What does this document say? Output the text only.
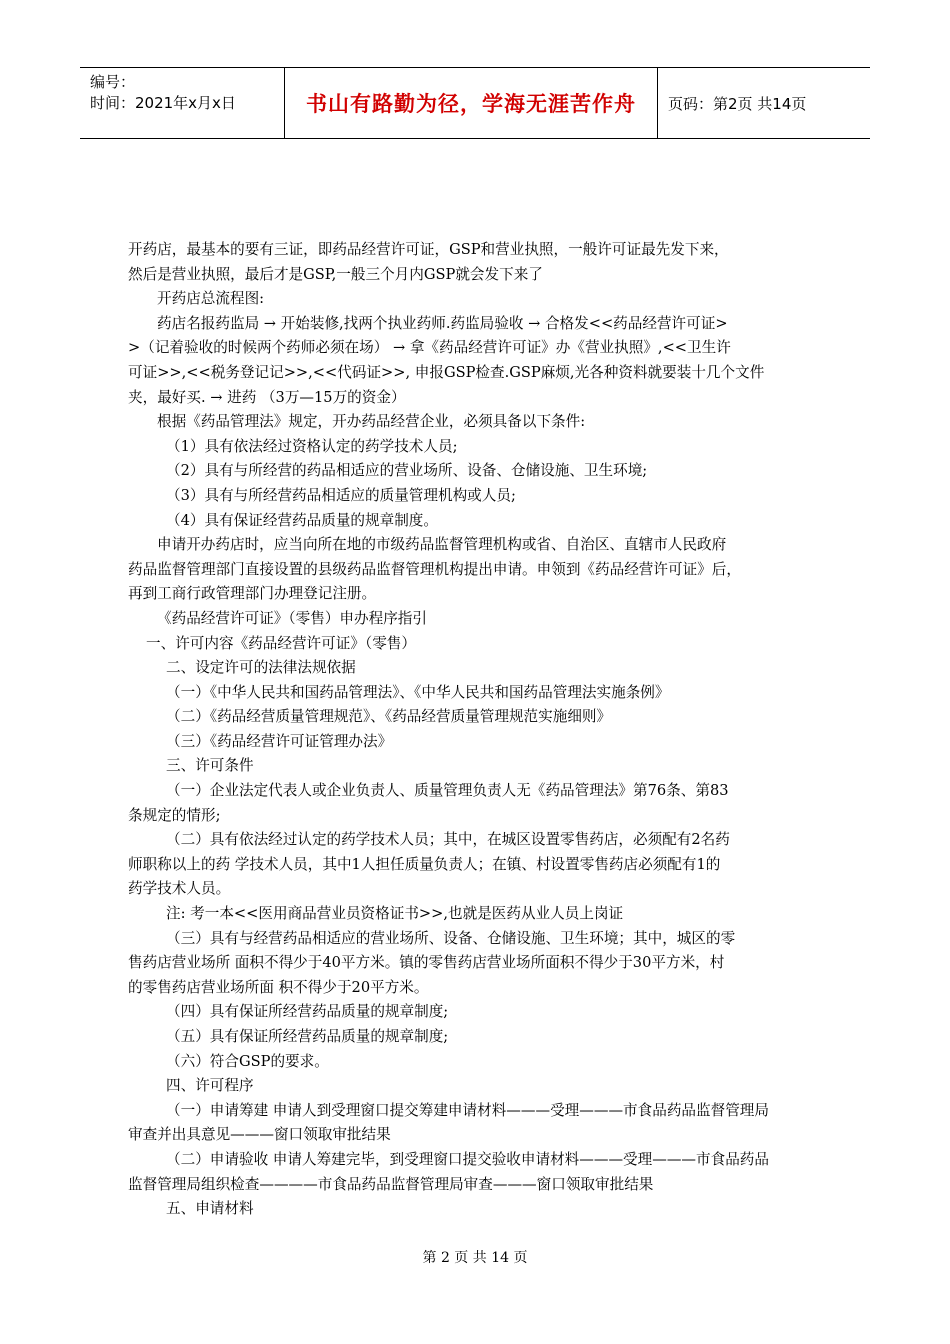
编号：
时间：2021年x月x日	书山有路勤为径，学海无涯苦作舟	页码：第2页 共14页

开药店，最基本的要有三证，即药品经营许可证，GSP和营业执照，一般许可证最先发下来，

然后是营业执照，最后才是GSP,一般三个月内GSP就会发下来了

开药店总流程图:

药店名报药监局 → 开始装修,找两个执业药师.药监局验收 → 合格发<<药品经营许可证>

>（记着验收的时候两个药师必须在场） → 拿《药品经营许可证》办《营业执照》,<<卫生许

可证>>,<<税务登记记>>,<<代码证>>, 申报GSP检查.GSP麻烦,光各种资料就要装十几个文件

夹，最好买. → 进药 （3万—15万的资金）

根据《药品管理法》规定，开办药品经营企业，必须具备以下条件:

（1）具有依法经过资格认定的药学技术人员;

（2）具有与所经营的药品相适应的营业场所、设备、仓储设施、卫生环境;

（3）具有与所经营药品相适应的质量管理机构或人员;

（4）具有保证经营药品质量的规章制度。

申请开办药店时，应当向所在地的市级药品监督管理机构或省、自治区、直辖市人民政府

药品监督管理部门直接设置的县级药品监督管理机构提出申请。申领到《药品经营许可证》后，

再到工商行政管理部门办理登记注册。

《药品经营许可证》（零售）申办程序指引

一、许可内容《药品经营许可证》（零售）

二、设定许可的法律法规依据

（一）《中华人民共和国药品管理法》、《中华人民共和国药品管理法实施条例》

（二）《药品经营质量管理规范》、《药品经营质量管理规范实施细则》

（三）《药品经营许可证管理办法》

三、许可条件

（一）企业法定代表人或企业负责人、质量管理负责人无《药品管理法》第76条、第83

条规定的情形;

（二）具有依法经过认定的药学技术人员；其中，在城区设置零售药店，必须配有2名药

师职称以上的药 学技术人员，其中1人担任质量负责人；在镇、村设置零售药店必须配有1的

药学技术人员。

注: 考一本<<医用商品营业员资格证书>>,也就是医药从业人员上岗证

（三）具有与经营药品相适应的营业场所、设备、仓储设施、卫生环境；其中，城区的零

售药店营业场所 面积不得少于40平方米。镇的零售药店营业场所面积不得少于30平方米，村

的零售药店营业场所面 积不得少于20平方米。

（四）具有保证所经营药品质量的规章制度;

（五）具有保证所经营药品质量的规章制度;

（六）符合GSP的要求。

四、许可程序

（一）申请筹建 申请人到受理窗口提交筹建申请材料———受理———市食品药品监督管理局

审查并出具意见———窗口领取审批结果

（二）申请验收 申请人筹建完毕，到受理窗口提交验收申请材料———受理———市食品药品

监督管理局组织检查————市食品药品监督管理局审查———窗口领取审批结果

五、申请材料

第 2 页 共 14 页
